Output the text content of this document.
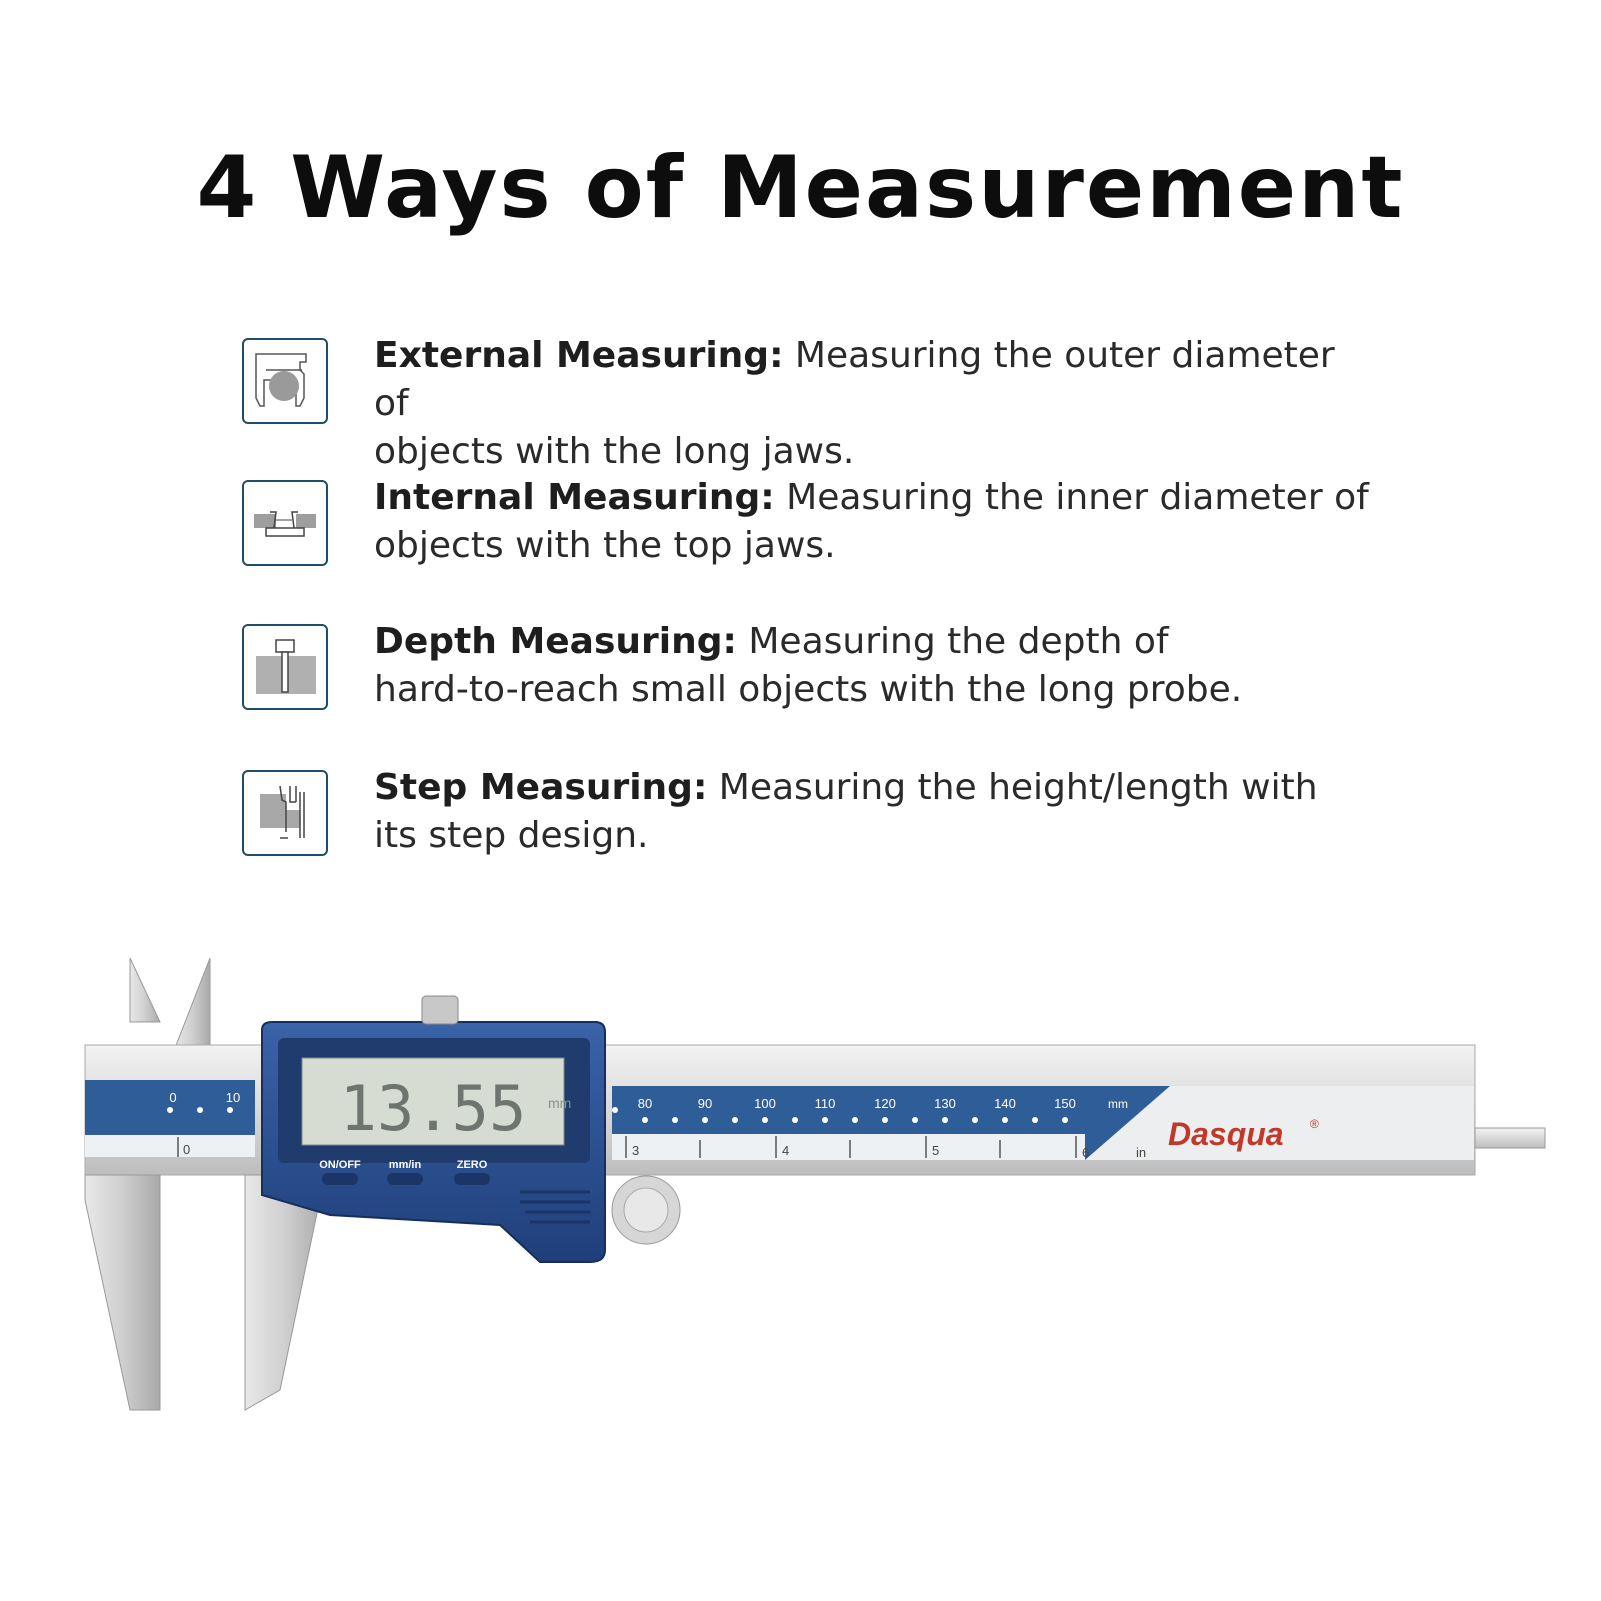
4 Ways of Measurement
External Measuring: Measuring the outer diameter of
objects with the long jaws.
Internal Measuring: Measuring the inner diameter of
objects with the top jaws.
Depth Measuring: Measuring the depth of
hard-to-reach small objects with the long probe.
Step Measuring: Measuring the height/length with
its step design.
13.55 mm
ON/OFF	mm/in	ZERO
0	10
0
80	90	100	110	120	130	140	150	mm
3	4	5	6	in
Dasqua ®
